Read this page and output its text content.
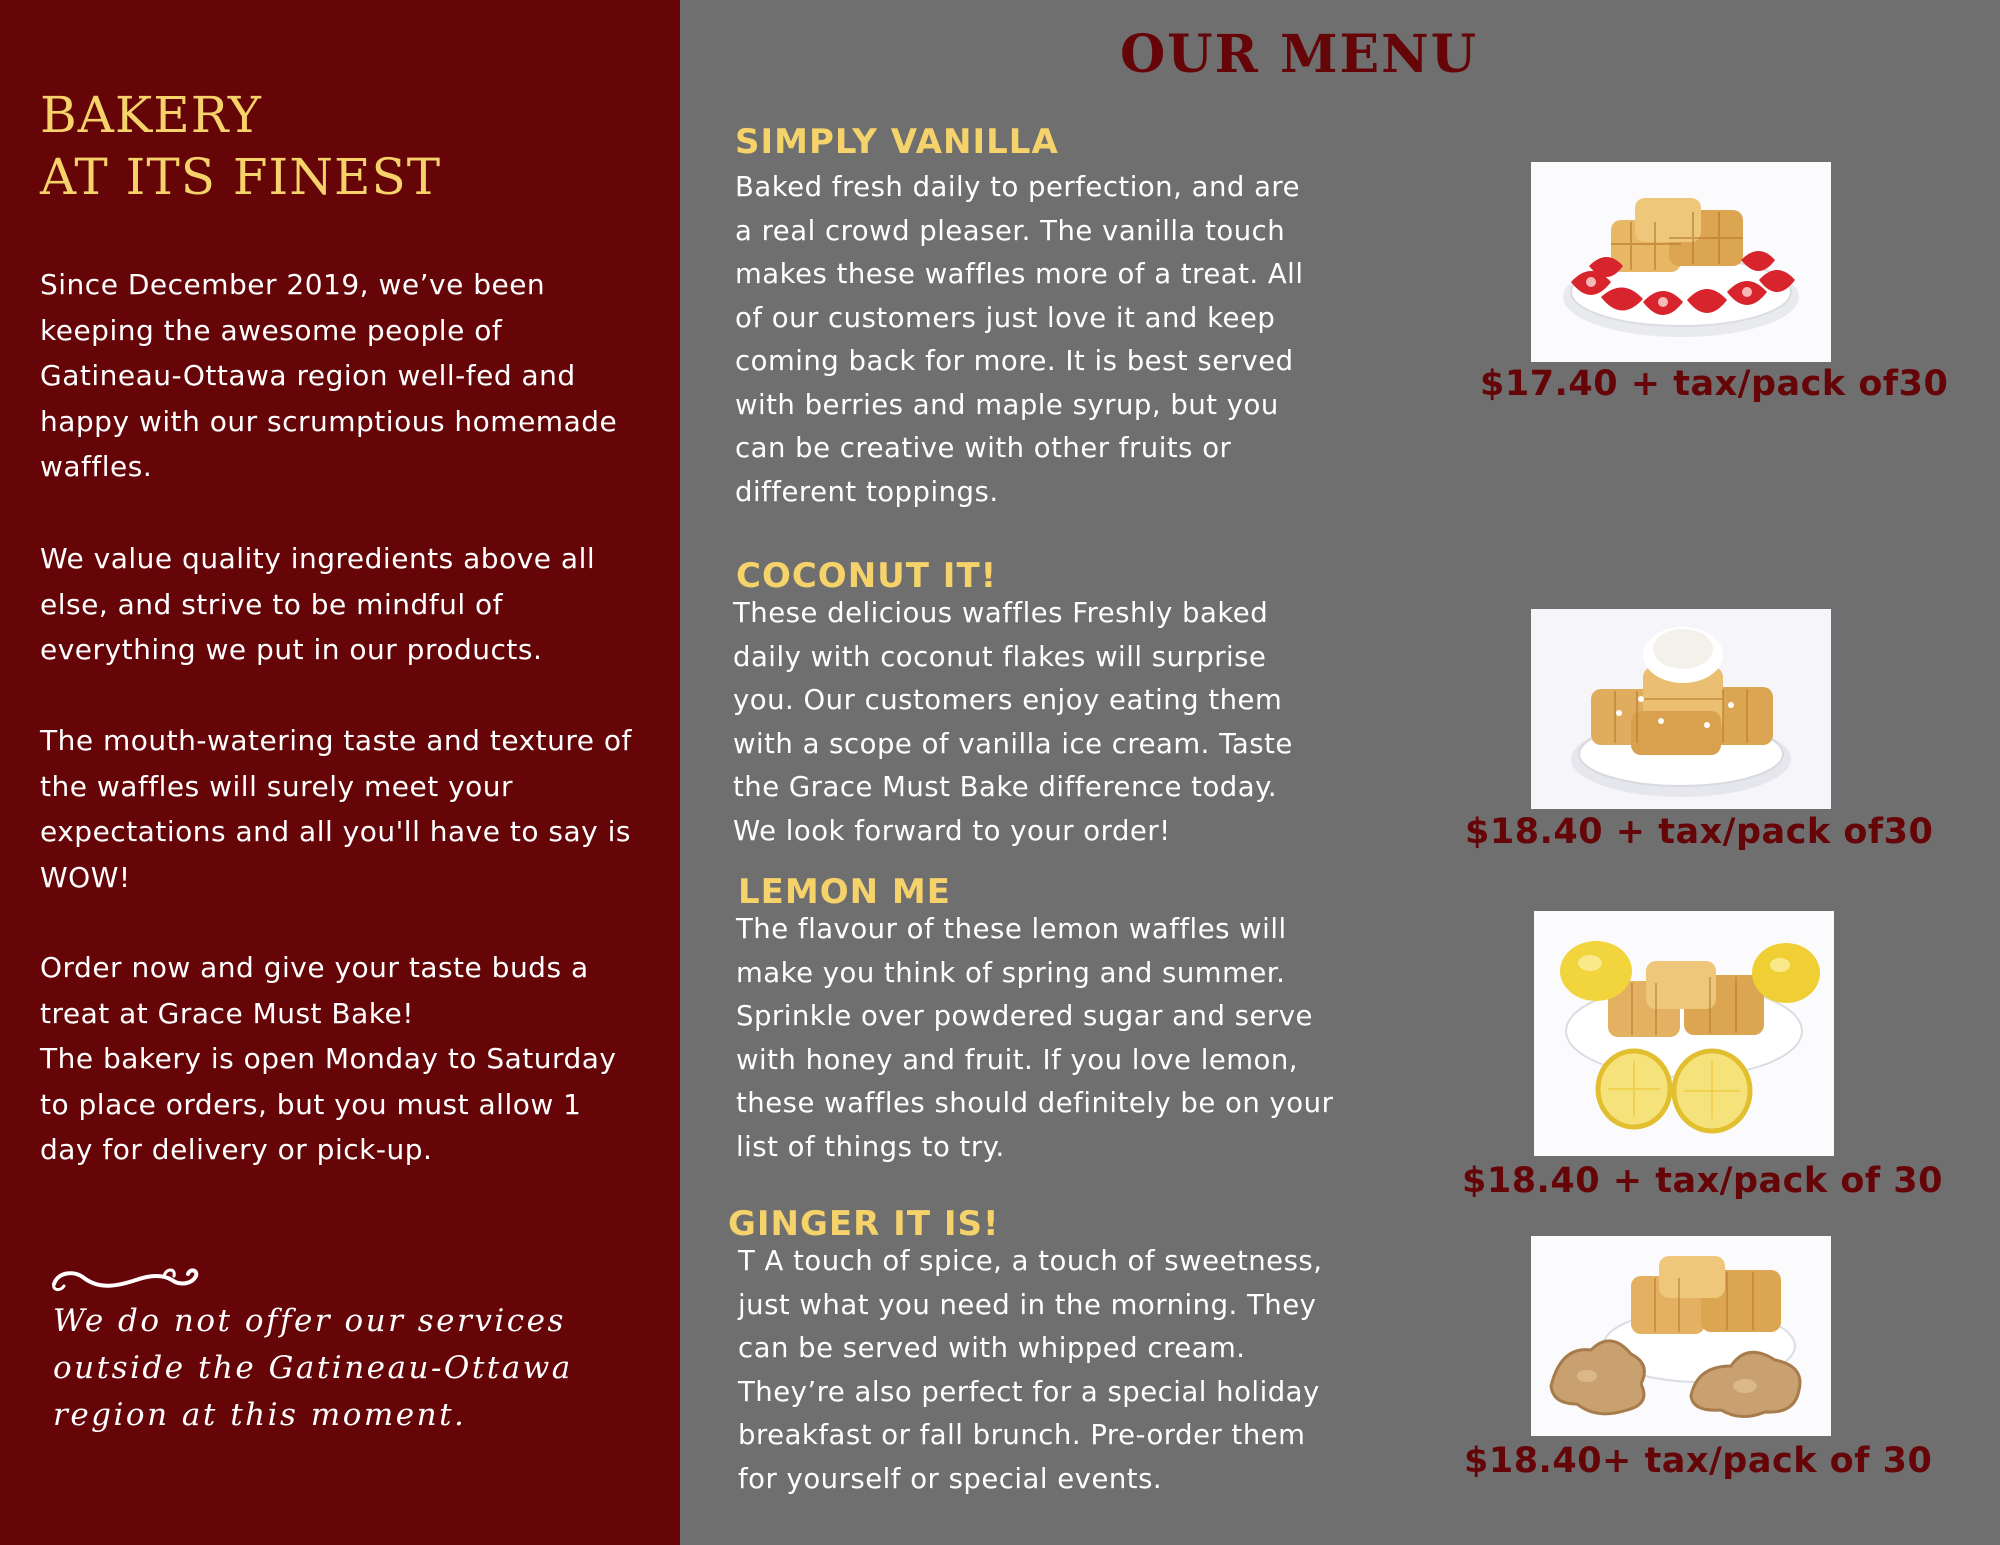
BAKERY
AT ITS FINEST

Since December 2019, we’ve been keeping the awesome people of Gatineau-Ottawa region well-fed and happy with our scrumptious homemade waffles.

We value quality ingredients above all else, and strive to be mindful of everything we put in our products.

The mouth-watering taste and texture of the waffles will surely meet your expectations and all you'll have to say is WOW!

Order now and give your taste buds a treat at Grace Must Bake!

The bakery is open Monday to Saturday to place orders, but you must allow 1 day for delivery or pick-up.

We do not offer our services outside the Gatineau-Ottawa region at this moment.

OUR MENU
SIMPLY VANILLA

Baked fresh daily to perfection, and are a real crowd pleaser. The vanilla touch makes these waffles more of a treat. All of our customers just love it and keep coming back for more. It is best served with berries and maple syrup, but you can be creative with other fruits or different toppings.

$17.40 + tax/pack of30

COCONUT IT!

These delicious waffles Freshly baked daily with coconut flakes will surprise you. Our customers enjoy eating them with a scope of vanilla ice cream. Taste the Grace Must Bake difference today. We look forward to your order!	$18.40 + tax/pack of30

LEMON ME

The flavour of these lemon waffles will make you think of spring and summer. Sprinkle over powdered sugar and serve with honey and fruit. If you love lemon, these waffles should definitely be on your list of things to try.

$18.40 + tax/pack of 30

GINGER IT IS!

T A touch of spice, a touch of sweetness, just what you need in the morning. They can be served with whipped cream. They’re also perfect for a special holiday breakfast or fall brunch. Pre-order them for yourself or special events.	$18.40+ tax/pack of 30
